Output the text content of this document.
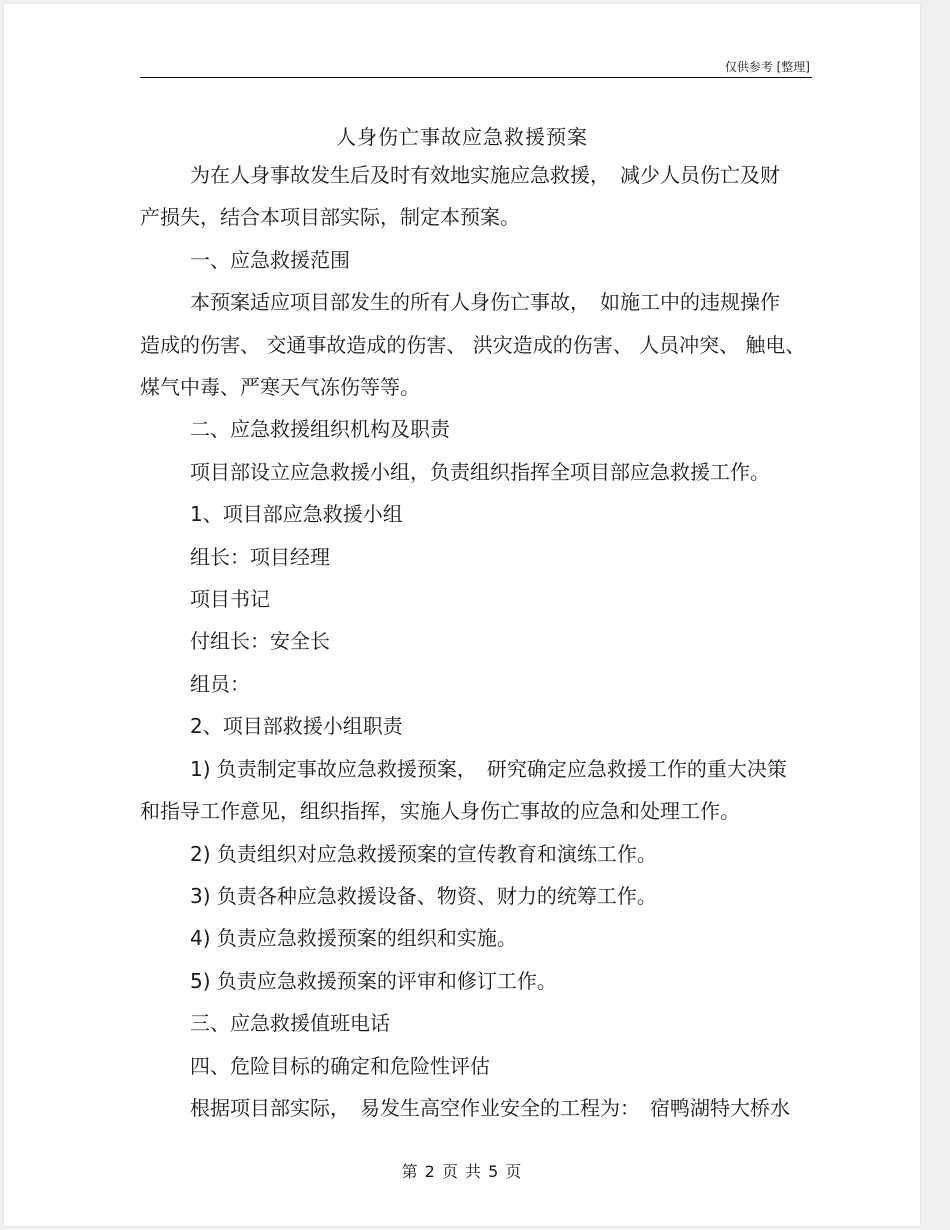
仅供参考 [整理]
人身伤亡事故应急救援预案

为在人身事故发生后及时有效地实施应急救援，　减少人员伤亡及财

产损失，结合本项目部实际，制定本预案。

一、应急救援范围

本预案适应项目部发生的所有人身伤亡事故，　如施工中的违规操作

造成的伤害、 交通事故造成的伤害、 洪灾造成的伤害、 人员冲突、 触电、

煤气中毒、严寒天气冻伤等等。

二、应急救援组织机构及职责

项目部设立应急救援小组，负责组织指挥全项目部应急救援工作。

1、项目部应急救援小组

组长：项目经理

项目书记

付组长：安全长

组员：

2、项目部救援小组职责

1) 负责制定事故应急救援预案，　研究确定应急救援工作的重大决策

和指导工作意见，组织指挥，实施人身伤亡事故的应急和处理工作。

2) 负责组织对应急救援预案的宣传教育和演练工作。

3) 负责各种应急救援设备、物资、财力的统筹工作。

4) 负责应急救援预案的组织和实施。

5) 负责应急救援预案的评审和修订工作。

三、应急救援值班电话

四、危险目标的确定和危险性评估

根据项目部实际，　易发生高空作业安全的工程为：　宿鸭湖特大桥水

第 2 页 共 5 页
